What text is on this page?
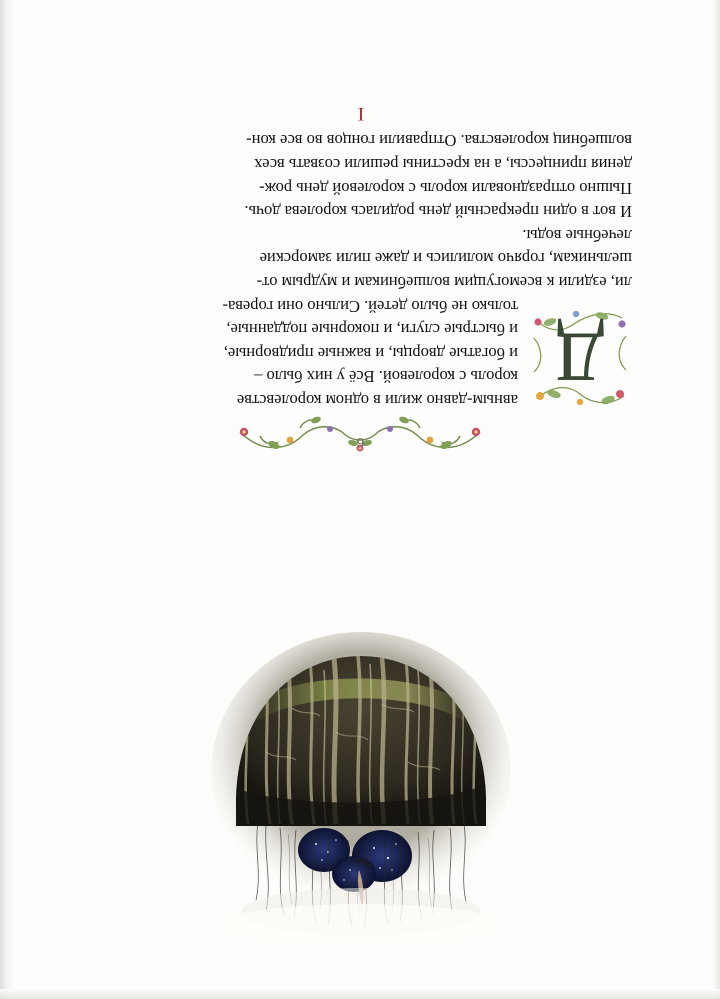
6

Д
авным-давно жили в одном королевстве
король с королевой. Всё у них было –
и богатые дворцы, и важные придворные,
и быстрые слуги, и покорные подданные,
только не было детей. Сильно они горева-
ли, ездили к всемогущим волшебникам и мудрым от-
шельникам, горячо молились и даже пили заморские
лечебные воды.

И вот в один прекрасный день родилась королева дочь.
Пышно отпраздновали король с королевой день рож-
дения принцессы, а на крестины решили созвать всех
волшебниц королевства. Отправили гонцов во все кон-

I
